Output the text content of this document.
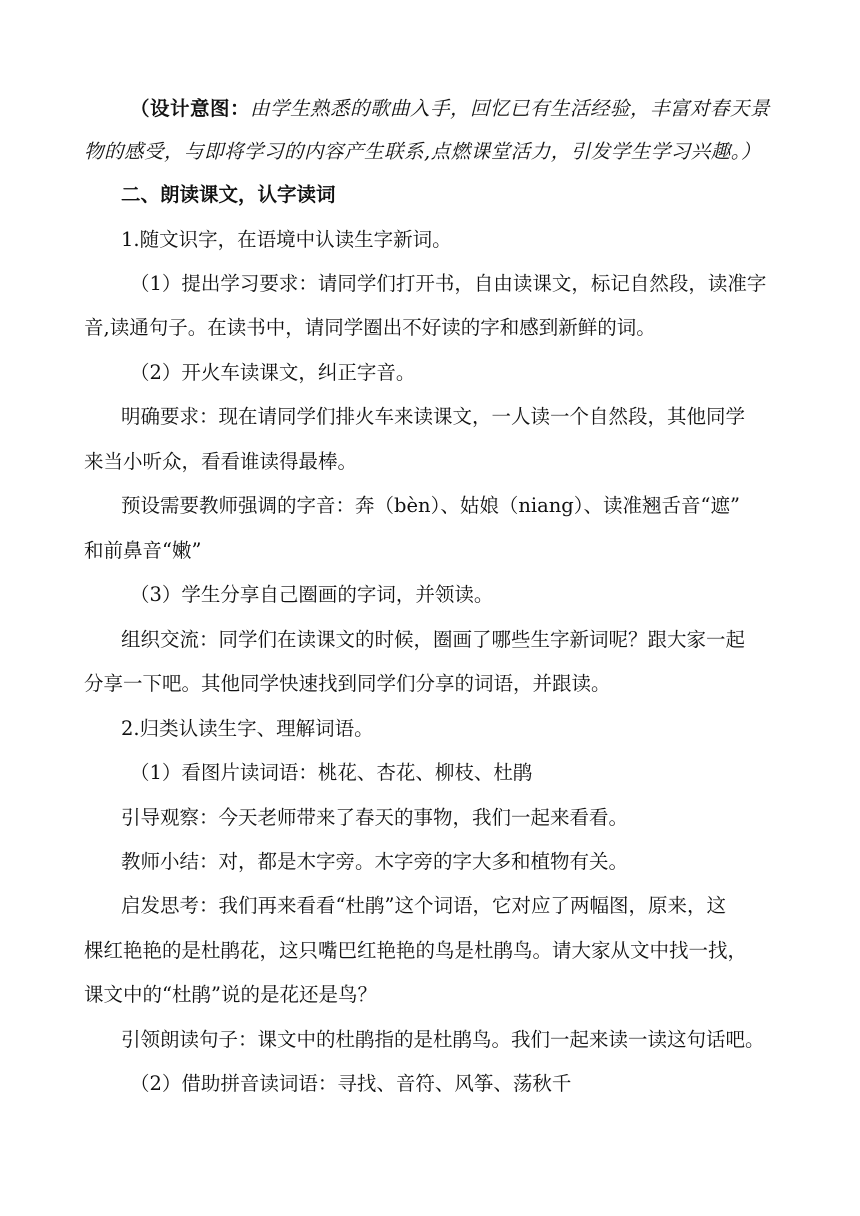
（设计意图：由学生熟悉的歌曲入手，回忆已有生活经验，丰富对春天景
物的感受，与即将学习的内容产生联系,点燃课堂活力，引发学生学习兴趣。）
二、朗读课文，认字读词
1.随文识字，在语境中认读生字新词。
（1）提出学习要求：请同学们打开书，自由读课文，标记自然段，读准字
音,读通句子。在读书中，请同学圈出不好读的字和感到新鲜的词。
（2）开火车读课文，纠正字音。
明确要求：现在请同学们排火车来读课文，一人读一个自然段，其他同学
来当小听众，看看谁读得最棒。
预设需要教师强调的字音：奔（bèn）、姑娘（niang）、读准翘舌音“遮”
和前鼻音“嫩”
（3）学生分享自己圈画的字词，并领读。
组织交流：同学们在读课文的时候，圈画了哪些生字新词呢？跟大家一起
分享一下吧。其他同学快速找到同学们分享的词语，并跟读。
2.归类认读生字、理解词语。
（1）看图片读词语：桃花、杏花、柳枝、杜鹃
引导观察：今天老师带来了春天的事物，我们一起来看看。
教师小结：对，都是木字旁。木字旁的字大多和植物有关。
启发思考：我们再来看看“杜鹃”这个词语，它对应了两幅图，原来，这
棵红艳艳的是杜鹃花，这只嘴巴红艳艳的鸟是杜鹃鸟。请大家从文中找一找，
课文中的“杜鹃”说的是花还是鸟？
引领朗读句子：课文中的杜鹃指的是杜鹃鸟。我们一起来读一读这句话吧。
（2）借助拼音读词语：寻找、音符、风筝、荡秋千
